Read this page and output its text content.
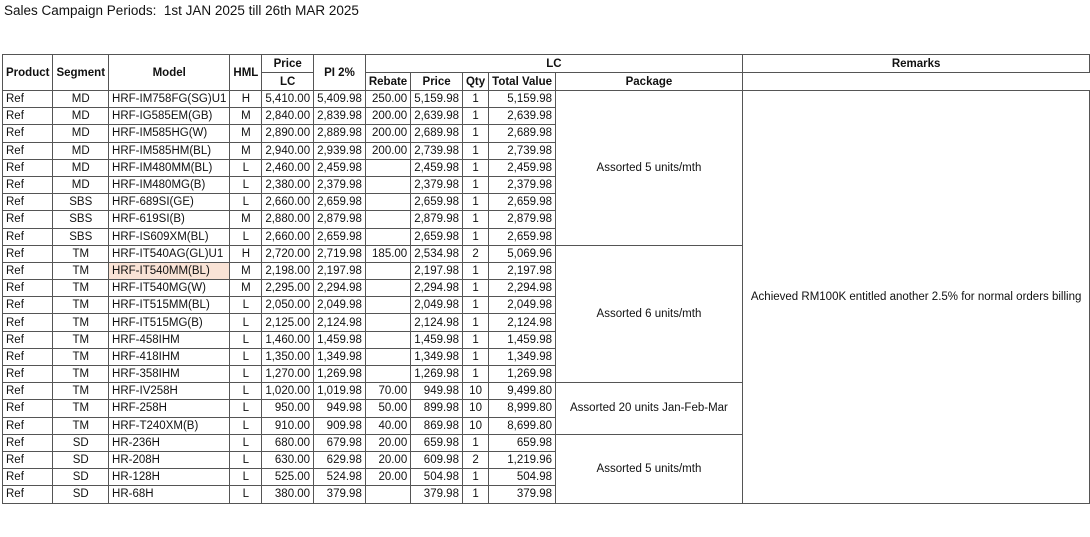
Sales Campaign Periods:  1st JAN 2025 till 26th MAR 2025
Product	Segment	Model	HML	Price	PI 2%	LC					Remarks
				LC		Rebate	Price	Qty	Total Value	Package	
Ref	MD	HRF-IM758FG(SG)U1	H	5,410.00	5,409.98	250.00	5,159.98	1	5,159.98	Assorted 5 units/mth	Achieved RM100K entitled another 2.5% for normal orders billing
Ref	MD	HRF-IG585EM(GB)	M	2,840.00	2,839.98	200.00	2,639.98	1	2,639.98		
Ref	MD	HRF-IM585HG(W)	M	2,890.00	2,889.98	200.00	2,689.98	1	2,689.98		
Ref	MD	HRF-IM585HM(BL)	M	2,940.00	2,939.98	200.00	2,739.98	1	2,739.98		
Ref	MD	HRF-IM480MM(BL)	L	2,460.00	2,459.98		2,459.98	1	2,459.98		
Ref	MD	HRF-IM480MG(B)	L	2,380.00	2,379.98		2,379.98	1	2,379.98		
Ref	SBS	HRF-689SI(GE)	L	2,660.00	2,659.98		2,659.98	1	2,659.98		
Ref	SBS	HRF-619SI(B)	M	2,880.00	2,879.98		2,879.98	1	2,879.98		
Ref	SBS	HRF-IS609XM(BL)	L	2,660.00	2,659.98		2,659.98	1	2,659.98		
Ref	TM	HRF-IT540AG(GL)U1	H	2,720.00	2,719.98	185.00	2,534.98	2	5,069.96	Assorted 6 units/mth	
Ref	TM	HRF-IT540MM(BL)	M	2,198.00	2,197.98		2,197.98	1	2,197.98		
Ref	TM	HRF-IT540MG(W)	M	2,295.00	2,294.98		2,294.98	1	2,294.98		
Ref	TM	HRF-IT515MM(BL)	L	2,050.00	2,049.98		2,049.98	1	2,049.98		
Ref	TM	HRF-IT515MG(B)	L	2,125.00	2,124.98		2,124.98	1	2,124.98		
Ref	TM	HRF-458IHM	L	1,460.00	1,459.98		1,459.98	1	1,459.98		
Ref	TM	HRF-418IHM	L	1,350.00	1,349.98		1,349.98	1	1,349.98		
Ref	TM	HRF-358IHM	L	1,270.00	1,269.98		1,269.98	1	1,269.98		
Ref	TM	HRF-IV258H	L	1,020.00	1,019.98	70.00	949.98	10	9,499.80	Assorted 20 units Jan-Feb-Mar	
Ref	TM	HRF-258H	L	950.00	949.98	50.00	899.98	10	8,999.80		
Ref	TM	HRF-T240XM(B)	L	910.00	909.98	40.00	869.98	10	8,699.80		
Ref	SD	HR-236H	L	680.00	679.98	20.00	659.98	1	659.98	Assorted 5 units/mth	
Ref	SD	HR-208H	L	630.00	629.98	20.00	609.98	2	1,219.96		
Ref	SD	HR-128H	L	525.00	524.98	20.00	504.98	1	504.98		
Ref	SD	HR-68H	L	380.00	379.98		379.98	1	379.98		
